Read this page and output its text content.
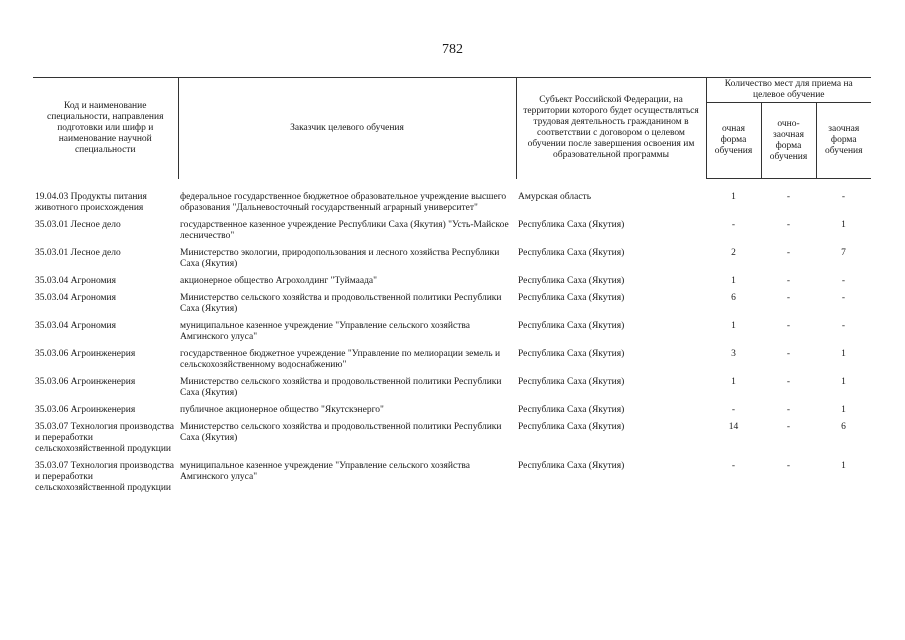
782
Код и наименование специальности, направления подготовки или шифр и наименование научной специальности	Заказчик целевого обучения	Субъект Российской Федерации, на территории которого будет осуществляться трудовая деятельность гражданином в соответствии с договором о целевом обучении после завершения освоения им образовательной программы	Количество мест для приема на целевое обучение		
			очная форма обучения	очно-заочная форма обучения	заочная форма обучения
19.04.03 Продукты питания животного происхождения	федеральное государственное бюджетное образовательное учреждение высшего образования "Дальневосточный государственный аграрный университет"	Амурская область	1	-	-
35.03.01 Лесное дело	государственное казенное учреждение Республики Саха (Якутия) "Усть-Майское лесничество"	Республика Саха (Якутия)	-	-	1
35.03.01 Лесное дело	Министерство экологии, природопользования и лесного хозяйства Республики Саха (Якутия)	Республика Саха (Якутия)	2	-	7
35.03.04 Агрономия	акционерное общество Агрохолдинг "Туймаада"	Республика Саха (Якутия)	1	-	-
35.03.04 Агрономия	Министерство сельского хозяйства и продовольственной политики Республики Саха (Якутия)	Республика Саха (Якутия)	6	-	-
35.03.04 Агрономия	муниципальное казенное учреждение "Управление сельского хозяйства Амгинского улуса"	Республика Саха (Якутия)	1	-	-
35.03.06 Агроинженерия	государственное бюджетное учреждение "Управление по мелиорации земель и сельскохозяйственному водоснабжению"	Республика Саха (Якутия)	3	-	1
35.03.06 Агроинженерия	Министерство сельского хозяйства и продовольственной политики Республики Саха (Якутия)	Республика Саха (Якутия)	1	-	1
35.03.06 Агроинженерия	публичное акционерное общество "Якутскэнерго"	Республика Саха (Якутия)	-	-	1
35.03.07 Технология производства и переработки сельскохозяйственной продукции	Министерство сельского хозяйства и продовольственной политики Республики Саха (Якутия)	Республика Саха (Якутия)	14	-	6
35.03.07 Технология производства и переработки сельскохозяйственной продукции	муниципальное казенное учреждение "Управление сельского хозяйства Амгинского улуса"	Республика Саха (Якутия)	-	-	1
